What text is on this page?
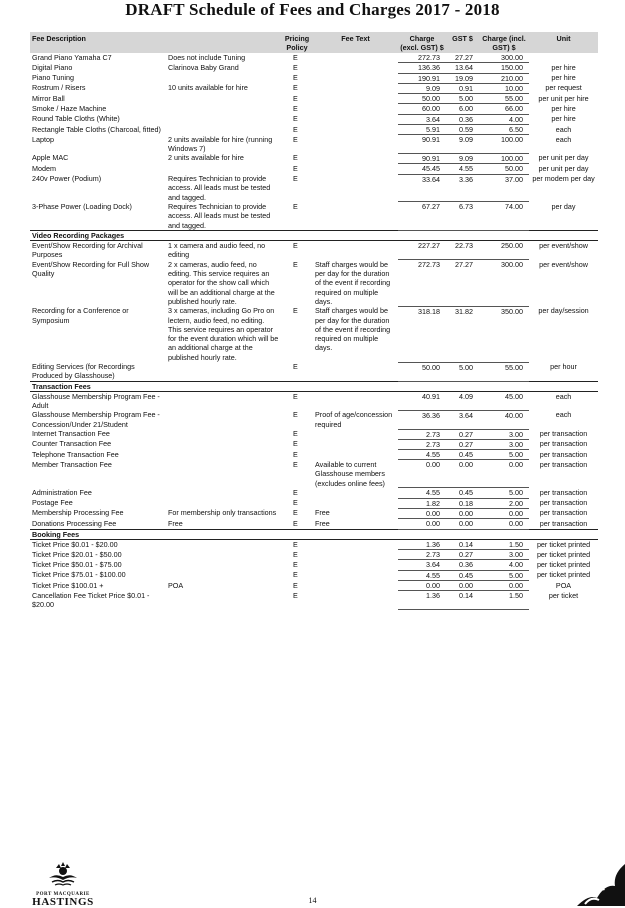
DRAFT Schedule of Fees and Charges 2017 - 2018
Fee Description		Pricing Policy	Fee Text	Charge (excl. GST) $	GST $	Charge (incl. GST) $	Unit
Grand Piano Yamaha C7	Does not include Tuning	E		272.73	27.27	300.00	
Digital Piano	Clarinova Baby Grand	E		136.36	13.64	150.00	per hire
Piano Tuning		E		190.91	19.09	210.00	per hire
Rostrum / Risers	10 units available for hire	E		9.09	0.91	10.00	per request
Mirror Ball		E		50.00	5.00	55.00	per unit per hire
Smoke / Haze Machine		E		60.00	6.00	66.00	per hire
Round Table Cloths (White)		E		3.64	0.36	4.00	per hire
Rectangle Table Cloths (Charcoal, fitted)		E		5.91	0.59	6.50	each
Laptop	2 units available for hire (running Windows 7)	E		90.91	9.09	100.00	each
Apple MAC	2 units available for hire	E		90.91	9.09	100.00	per unit per day
Modem		E		45.45	4.55	50.00	per unit per day
240v Power (Podium)	Requires Technician to provide access. All leads must be tested and tagged.	E		33.64	3.36	37.00	per modem per day
3-Phase Power (Loading Dock)	Requires Technician to provide access. All leads must be tested and tagged.	E		67.27	6.73	74.00	per day
Video Recording Packages							
Event/Show Recording for Archival Purposes	1 x camera and audio feed, no editing	E		227.27	22.73	250.00	per event/show
Event/Show Recording for Full Show Quality	2 x cameras, audio feed, no editing. This service requires an operator for the show call which will be an additional charge at the published hourly rate.	E	Staff charges would be per day for the duration of the event if recording required on multiple days.	272.73	27.27	300.00	per event/show
Recording for a Conference or Symposium	3 x cameras, including Go Pro on lectern, audio feed, no editing. This service requires an operator for the event duration which will be an additional charge at the published hourly rate.	E	Staff charges would be per day for the duration of the event if recording required on multiple days.	318.18	31.82	350.00	per day/session
Editing Services (for Recordings Produced by Glasshouse)		E		50.00	5.00	55.00	per hour
Transaction Fees							
Glasshouse Membership Program Fee - Adult		E		40.91	4.09	45.00	each
Glasshouse Membership Program Fee - Concession/Under 21/Student		E	Proof of age/concession required	36.36	3.64	40.00	each
Internet Transaction Fee		E		2.73	0.27	3.00	per transaction
Counter Transaction Fee		E		2.73	0.27	3.00	per transaction
Telephone Transaction Fee		E		4.55	0.45	5.00	per transaction
Member Transaction Fee		E	Available to current Glasshouse members (excludes online fees)	0.00	0.00	0.00	per transaction
Administration Fee		E		4.55	0.45	5.00	per transaction
Postage Fee		E		1.82	0.18	2.00	per transaction
Membership Processing Fee	For membership only transactions	E	Free	0.00	0.00	0.00	per transaction
Donations Processing Fee	Free	E	Free	0.00	0.00	0.00	per transaction
Booking Fees							
Ticket Price $0.01 - $20.00		E		1.36	0.14	1.50	per ticket printed
Ticket Price $20.01 - $50.00		E		2.73	0.27	3.00	per ticket printed
Ticket Price $50.01 - $75.00		E		3.64	0.36	4.00	per ticket printed
Ticket Price $75.01 - $100.00		E		4.55	0.45	5.00	per ticket printed
Ticket Price $100.01 +	POA	E		0.00	0.00	0.00	POA
Cancellation Fee Ticket Price $0.01 - $20.00		E		1.36	0.14	1.50	per ticket
PORT MACQUARIE
HASTINGS	14
